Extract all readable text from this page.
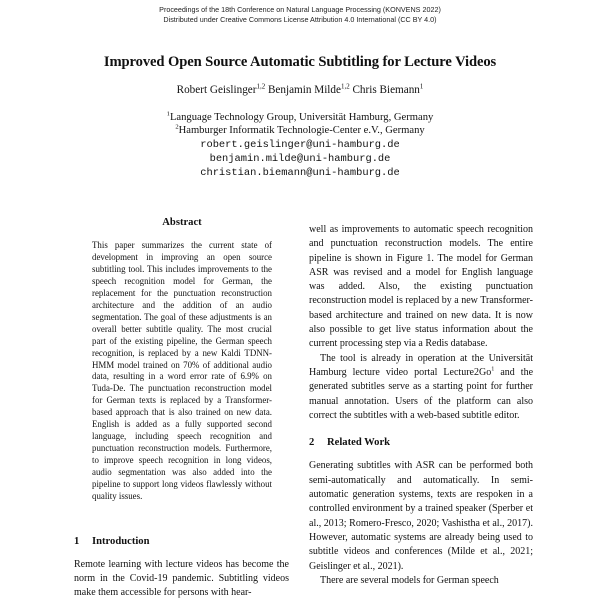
Proceedings of the 18th Conference on Natural Language Processing (KONVENS 2022)
Distributed under Creative Commons License Attribution 4.0 International (CC BY 4.0)
Improved Open Source Automatic Subtitling for Lecture Videos
Robert Geislinger$^{1,2}$ Benjamin Milde$^{1,2}$ Chris Biemann$^1$
$^1$Language Technology Group, Universität Hamburg, Germany
$^2$Hamburger Informatik Technologie-Center e.V., Germany
robert.geislinger@uni-hamburg.de
benjamin.milde@uni-hamburg.de
christian.biemann@uni-hamburg.de
Abstract
This paper summarizes the current state of development in improving an open source subtitling tool. This includes improvements to the speech recognition model for German, the replacement for the punctuation reconstruction architecture and the addition of an audio segmentation. The goal of these adjustments is an overall better subtitle quality. The most crucial part of the existing pipeline, the German speech recognition, is replaced by a new Kaldi TDNN-HMM model trained on 70% of additional audio data, resulting in a word error rate of 6.9% on Tuda-De. The punctuation reconstruction model for German texts is replaced by a Transformer-based approach that is also trained on new data. English is added as a fully supported second language, including speech recognition and punctuation reconstruction models. Furthermore, to improve speech recognition in long videos, audio segmentation was also added into the pipeline to support long videos flawlessly without quality issues.
1 Introduction
Remote learning with lecture videos has become the norm in the Covid-19 pandemic. Subtitling videos make them accessible for persons with hear-

well as improvements to automatic speech recognition and punctuation reconstruction models. The entire pipeline is shown in Figure 1. The model for German ASR was revised and a model for English language was added. Also, the existing punctuation reconstruction model is replaced by a new Transformer-based architecture and trained on new data. It is now also possible to get live status information about the current processing step via a Redis database.

The tool is already in operation at the Universität Hamburg lecture video portal Lecture2Go$^1$ and the generated subtitles serve as a starting point for further manual annotation. Users of the platform can also correct the subtitles with a web-based subtitle editor.

2 Related Work

Generating subtitles with ASR can be performed both semi-automatically and automatically. In semi-automatic generation systems, texts are respoken in a controlled environment by a trained speaker (Sperber et al., 2013; Romero-Fresco, 2020; Vashistha et al., 2017). However, automatic systems are already being used to subtitle videos and conferences (Milde et al., 2021; Geislinger et al., 2021).

There are several models for German speech
